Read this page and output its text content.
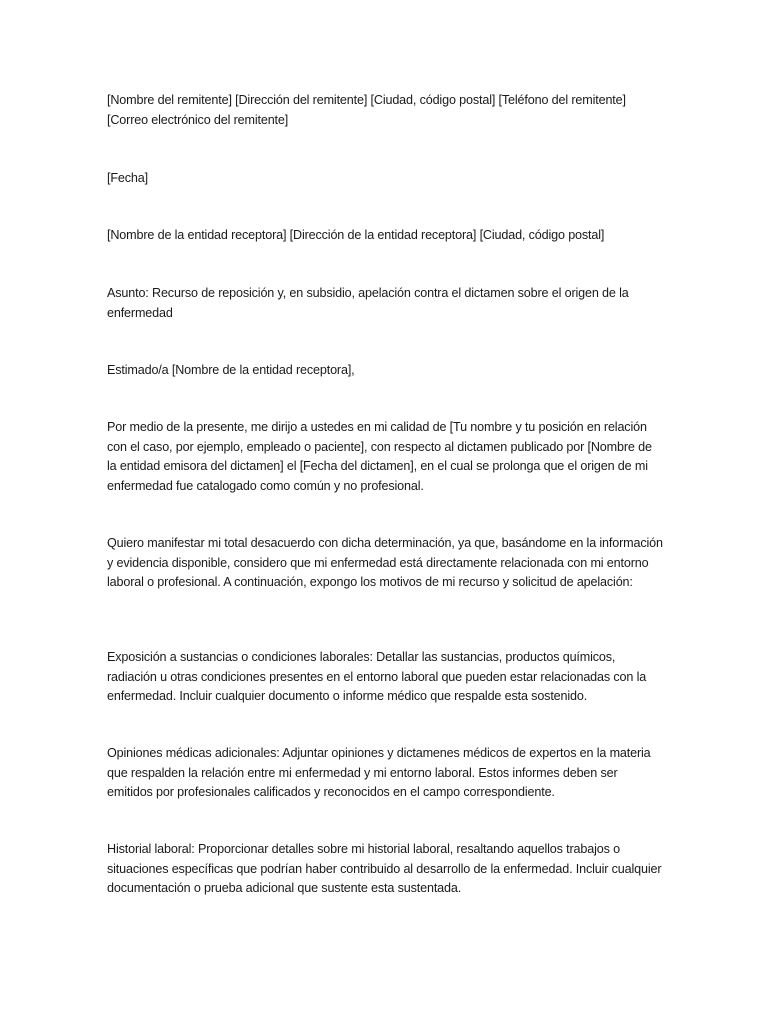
[Nombre del remitente] [Dirección del remitente] [Ciudad, código postal] [Teléfono del remitente] [Correo electrónico del remitente]

[Fecha]

[Nombre de la entidad receptora] [Dirección de la entidad receptora] [Ciudad, código postal]

Asunto: Recurso de reposición y, en subsidio, apelación contra el dictamen sobre el origen de la enfermedad

Estimado/a [Nombre de la entidad receptora],

Por medio de la presente, me dirijo a ustedes en mi calidad de [Tu nombre y tu posición en relación con el caso, por ejemplo, empleado o paciente], con respecto al dictamen publicado por [Nombre de la entidad emisora del dictamen] el [Fecha del dictamen], en el cual se prolonga que el origen de mi enfermedad fue catalogado como común y no profesional.

Quiero manifestar mi total desacuerdo con dicha determinación, ya que, basándome en la información y evidencia disponible, considero que mi enfermedad está directamente relacionada con mi entorno laboral o profesional. A continuación, expongo los motivos de mi recurso y solicitud de apelación:

Exposición a sustancias o condiciones laborales: Detallar las sustancias, productos químicos, radiación u otras condiciones presentes en el entorno laboral que pueden estar relacionadas con la enfermedad. Incluir cualquier documento o informe médico que respalde esta sostenido.

Opiniones médicas adicionales: Adjuntar opiniones y dictamenes médicos de expertos en la materia que respalden la relación entre mi enfermedad y mi entorno laboral. Estos informes deben ser emitidos por profesionales calificados y reconocidos en el campo correspondiente.

Historial laboral: Proporcionar detalles sobre mi historial laboral, resaltando aquellos trabajos o situaciones específicas que podrían haber contribuido al desarrollo de la enfermedad. Incluir cualquier documentación o prueba adicional que sustente esta sustentada.
